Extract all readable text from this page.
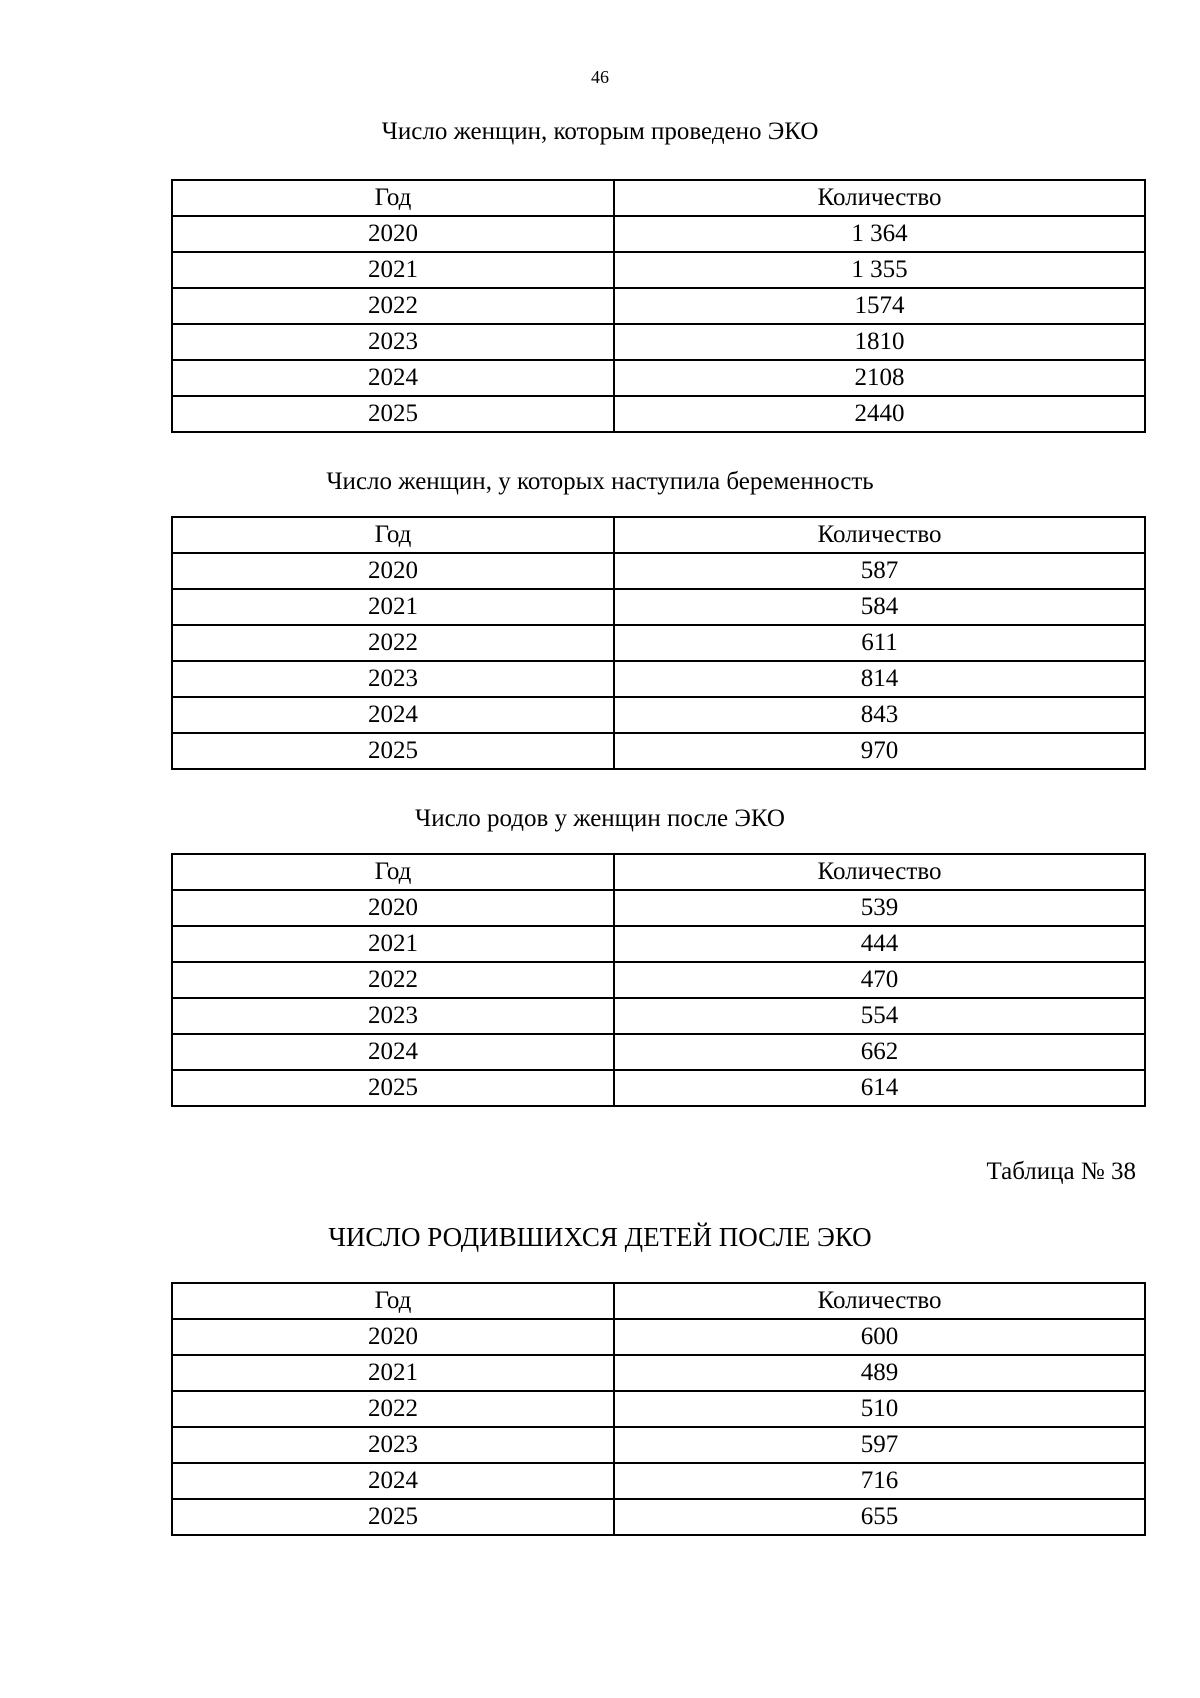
46
Число женщин, которым проведено ЭКО
Год	Количество
2020	1 364
2021	1 355
2022	1574
2023	1810
2024	2108
2025	2440
Число женщин, у которых наступила беременность
Год	Количество
2020	587
2021	584
2022	611
2023	814
2024	843
2025	970
Число родов у женщин после ЭКО
Год	Количество
2020	539
2021	444
2022	470
2023	554
2024	662
2025	614
Таблица № 38
ЧИСЛО РОДИВШИХСЯ ДЕТЕЙ ПОСЛЕ ЭКО
Год	Количество
2020	600
2021	489
2022	510
2023	597
2024	716
2025	655
